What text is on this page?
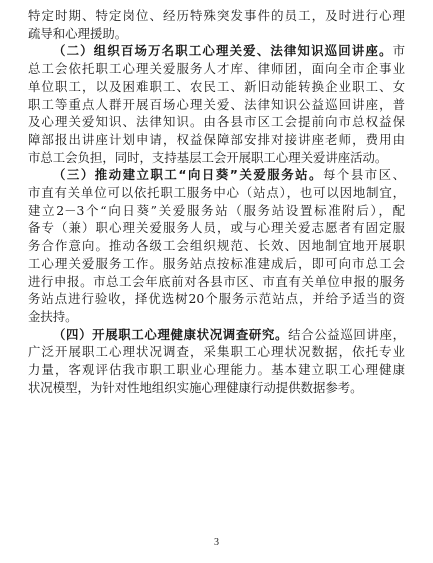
3
特定时期、特定岗位、经历特殊突发事件的员工，及时进行心理
疏导和心理援助。
（二）组织百场万名职工心理关爱、法律知识巡回讲座。市
总工会依托职工心理关爱服务人才库、律师团，面向全市企事业
单位职工，以及困难职工、农民工、新旧动能转换企业职工、女
职工等重点人群开展百场心理关爱、法律知识公益巡回讲座，普
及心理关爱知识、法律知识。由各县市区工会提前向市总权益保
障部报出讲座计划申请，权益保障部安排对接讲座老师，费用由
市总工会负担，同时，支持基层工会开展职工心理关爱讲座活动。
（三）推动建立职工“向日葵”关爱服务站。每个县市区、
市直有关单位可以依托职工服务中心（站点），也可以因地制宜，
建立2－3个“向日葵”关爱服务站（服务站设置标准附后），配
备专（兼）职心理关爱服务人员，或与心理关爱志愿者有固定服
务合作意向。推动各级工会组织规范、长效、因地制宜地开展职
工心理关爱服务工作。服务站点按标准建成后，即可向市总工会
进行申报。市总工会年底前对各县市区、市直有关单位申报的服务
务站点进行验收，择优选树20个服务示范站点，并给予适当的资
金扶持。
（四）开展职工心理健康状况调查研究。结合公益巡回讲座，
广泛开展职工心理状况调查，采集职工心理状况数据，依托专业
力量，客观评估我市职工职业心理能力。基本建立职工心理健康
状况模型，为针对性地组织实施心理健康行动提供数据参考。
